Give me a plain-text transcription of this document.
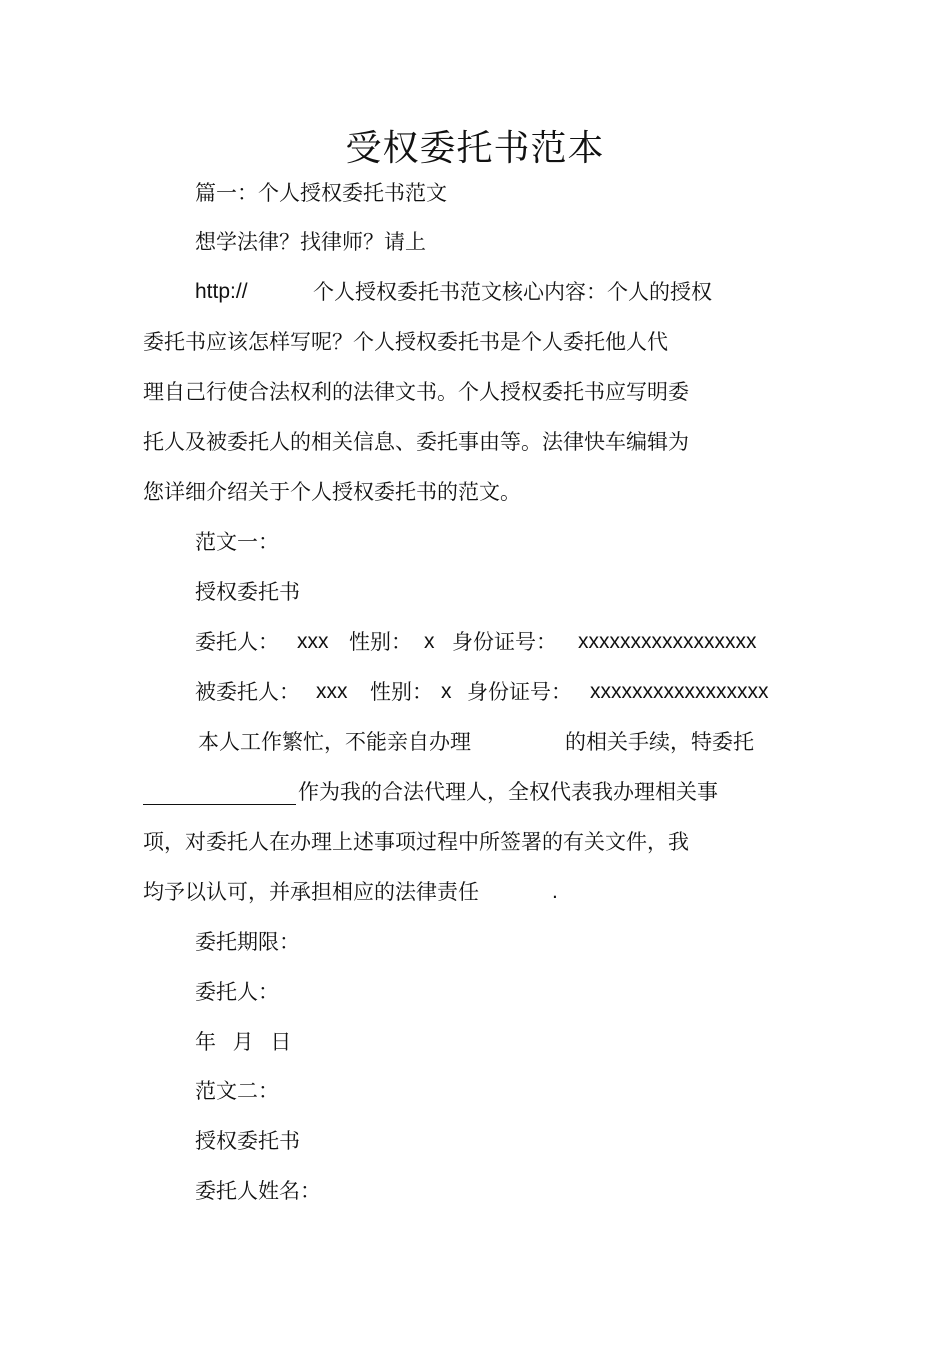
受权委托书范本
篇一：个人授权委托书范文
想学法律？找律师？请上
http://	个人授权委托书范文核心内容：个人的授权
委托书应该怎样写呢？个人授权委托书是个人委托他人代
理自己行使合法权利的法律文书。个人授权委托书应写明委
托人及被委托人的相关信息、委托事由等。法律快车编辑为
您详细介绍关于个人授权委托书的范文。
范文一：
授权委托书
委托人： xxx 性别： x 身份证号： xxxxxxxxxxxxxxxxx
被委托人： xxx 性别： x 身份证号： xxxxxxxxxxxxxxxxx
本人工作繁忙，不能亲自办理	的相关手续，特委托
作为我的合法代理人，全权代表我办理相关事
项，对委托人在办理上述事项过程中所签署的有关文件，我
均予以认可，并承担相应的法律责任	.
委托期限：
委托人：
年 月 日
范文二：
授权委托书
委托人姓名：
